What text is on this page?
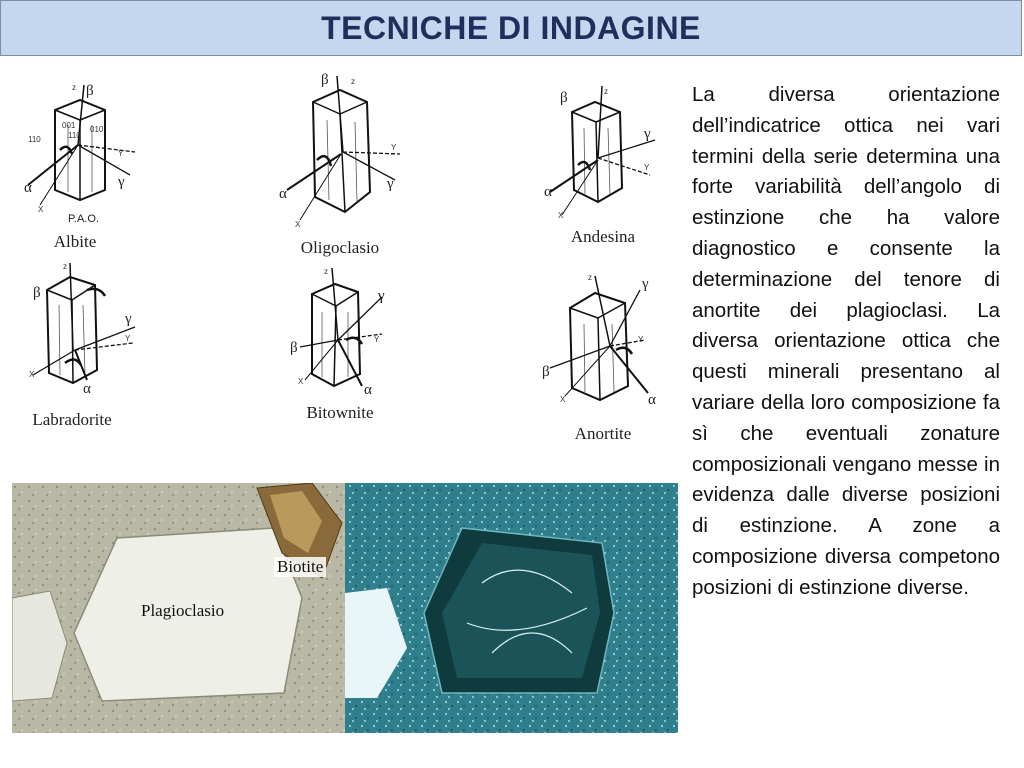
TECNICHE DI INDAGINE
z β
001 010
110
110
Y
γ
α
X
P.A.O.
Albite
β	z
Y
γ
α
X
Oligoclasio
β	z
γ
Y
α
X
Andesina
z
β
γ
Y
X
α
Labradorite
z
γ
Y
β
X
α
Bitownite
z	γ
Y
β
X	α
Anortite
Biotite
Plagioclasio
La diversa orientazione dell’indicatrice ottica nei vari termini della serie determina una forte variabilità dell’angolo di estinzione che ha valore diagnostico e consente la determinazione del tenore di anortite dei plagioclasi. La diversa orientazione ottica che questi minerali presentano al variare della loro composizione fa sì che eventuali zonature composizionali vengano messe in evidenza dalle diverse posizioni di estinzione. A zone a composizione diversa competono posizioni di estinzione diverse.
